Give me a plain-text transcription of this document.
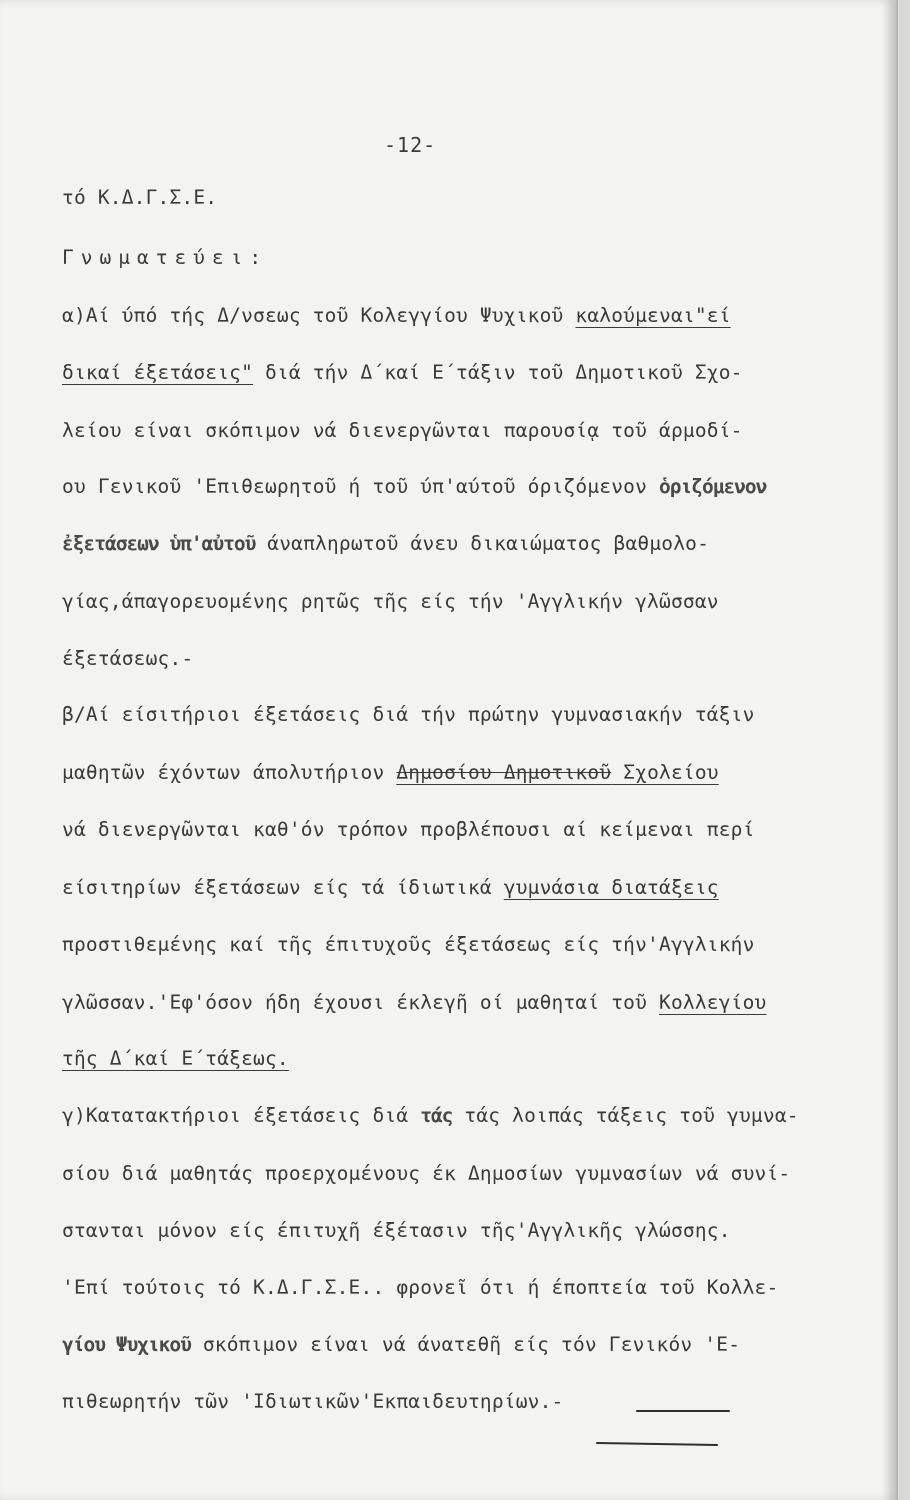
-12-
τό Κ.Δ.Γ.Σ.Ε.
Γνωματεύει:
α)Αί ύπό τής Δ/νσεως τοῦ Κολεγγίου Ψυχικοῦ καλούμεναι"εί
δικαί έξετάσεις" διά τήν Δ΄καί Ε΄τάξιν τοῦ Δημοτικοῦ Σχο-
λείου είναι σκόπιμον νά διενεργῶνται παρουσίᾳ τοῦ άρμοδί-
ου Γενικοῦ 'Επιθεωρητοῦ ή τοῦ ύπ'αύτοῦ όριζόμενον ὁριζόμενον
ἐξετάσεων ὑπ'αὐτοῦ άναπληρωτοῦ άνευ δικαιώματος βαθμολο-
γίας,άπαγορευομένης ρητῶς τῆς είς τήν 'Αγγλικήν γλῶσσαν
έξετάσεως.-
β/Αί είσιτήριοι έξετάσεις διά τήν πρώτην γυμνασιακήν τάξιν
μαθητῶν έχόντων άπολυτήριον Δημοσίου Δημοτικοῦ Σχολείου
νά διενεργῶνται καθ'όν τρόπον προβλέπουσι αί κείμεναι περί
είσιτηρίων έξετάσεων είς τά ίδιωτικά γυμνάσια διατάξεις
προστιθεμένης καί τῆς έπιτυχοῦς έξετάσεως είς τήν'Αγγλικήν
γλῶσσαν.'Εφ'όσον ήδη έχουσι έκλεγῆ οί μαθηταί τοῦ Κολλεγίου
τῆς Δ΄καί Ε΄τάξεως.
γ)Κατατακτήριοι έξετάσεις διά τάς τάς λοιπάς τάξεις τοῦ γυμνα-
σίου διά μαθητάς προερχομένους έκ Δημοσίων γυμνασίων νά συνί-
στανται μόνον είς έπιτυχῆ έξέτασιν τῆς'Αγγλικῆς γλώσσης.
'Επί τούτοις τό Κ.Δ.Γ.Σ.Ε.. φρονεῖ ότι ή έποπτεία τοῦ Κολλε-
γίου Ψυχικοῦ σκόπιμον είναι νά άνατεθῆ είς τόν Γενικόν 'Ε-
πιθεωρητήν τῶν 'Ιδιωτικῶν'Εκπαιδευτηρίων.-
